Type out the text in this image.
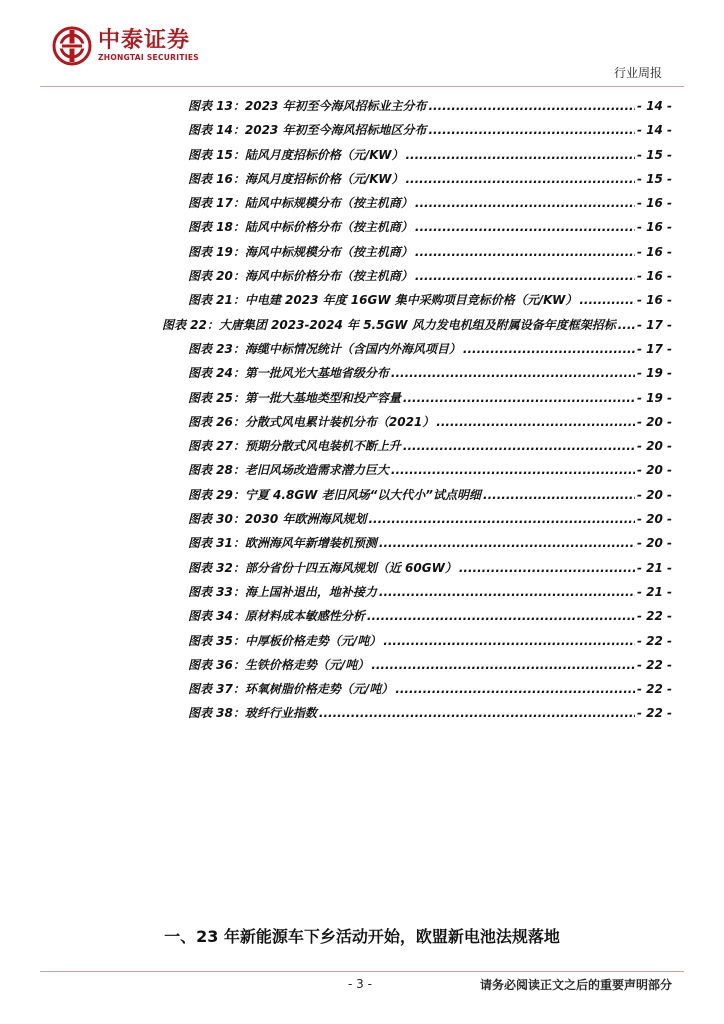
中泰证券
ZHONGTAI SECURITIES
行业周报
图表 13：2023 年初至今海风招标业主分布 .....	- 14 -
图表 14：2023 年初至今海风招标地区分布 .....	- 14 -
图表 15：陆风月度招标价格（元/KW） .....	- 15 -
图表 16：海风月度招标价格（元/KW） .....	- 15 -
图表 17：陆风中标规模分布（按主机商） .....	- 16 -
图表 18：陆风中标价格分布（按主机商） .....	- 16 -
图表 19：海风中标规模分布（按主机商） .....	- 16 -
图表 20：海风中标价格分布（按主机商） .....	- 16 -
图表 21：中电建 2023 年度 16GW 集中采购项目竞标价格（元/KW） .....	- 16 -
图表 22：大唐集团 2023-2024 年 5.5GW 风力发电机组及附属设备年度框架招标 ..... - 17 -
图表 23：海缆中标情况统计（含国内外海风项目） .....	- 17 -
图表 24：第一批风光大基地省级分布 .....	- 19 -
图表 25：第一批大基地类型和投产容量 .....	- 19 -
图表 26：分散式风电累计装机分布（2021） .....	- 20 -
图表 27：预期分散式风电装机不断上升 .....	- 20 -
图表 28：老旧风场改造需求潜力巨大 .....	- 20 -
图表 29：宁夏 4.8GW 老旧风场“以大代小”试点明细 .....	- 20 -
图表 30：2030 年欧洲海风规划 .....	- 20 -
图表 31：欧洲海风年新增装机预测 .....	- 20 -
图表 32：部分省份十四五海风规划（近 60GW） .....	- 21 -
图表 33：海上国补退出，地补接力 .....	- 21 -
图表 34：原材料成本敏感性分析 .....	- 22 -
图表 35：中厚板价格走势（元/吨） .....	- 22 -
图表 36：生铁价格走势（元/吨） .....	- 22 -
图表 37：环氧树脂价格走势（元/吨） .....	- 22 -
图表 38：玻纤行业指数 .....	- 22 -
一、23 年新能源车下乡活动开始，欧盟新电池法规落地
- 3 -	请务必阅读正文之后的重要声明部分
